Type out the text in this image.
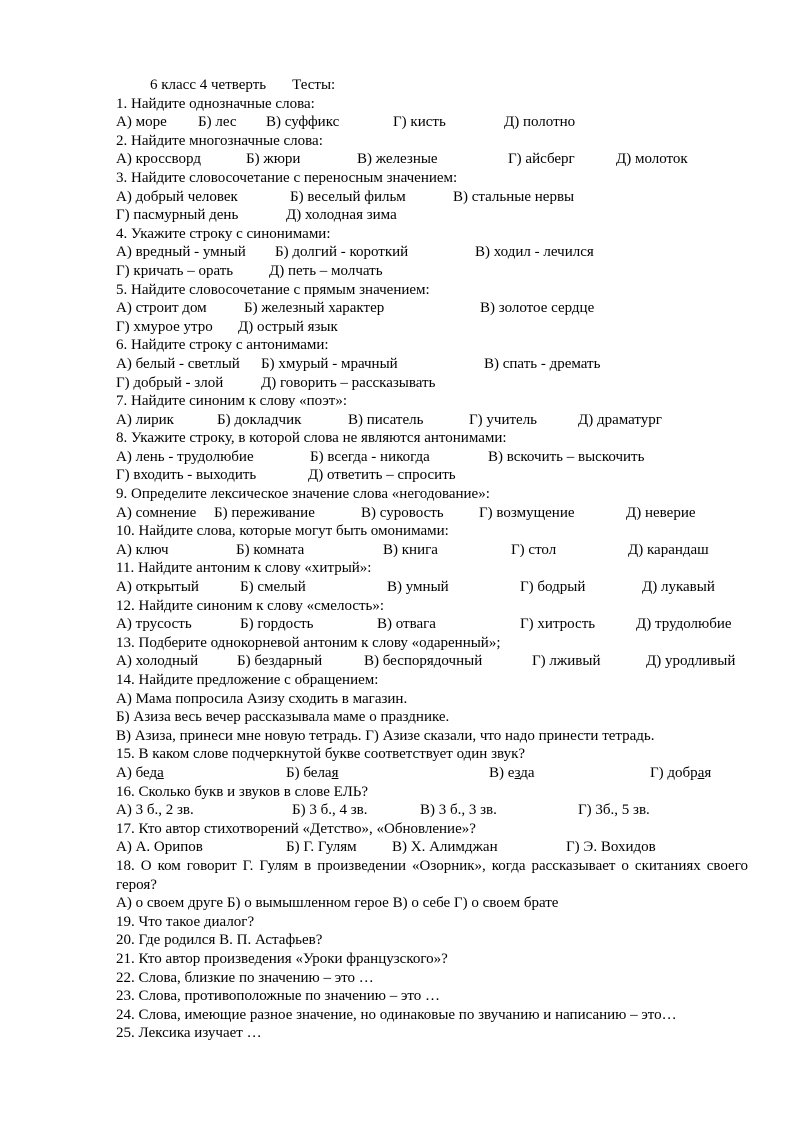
6 класс 4 четверть Тесты:
1. Найдите однозначные слова:
А) море Б) лес В) суффикс	Г) кисть	Д) полотно
2. Найдите многозначные слова:
А) кроссворд	Б) жюри	В) железные	Г) айсберг	Д) молоток
3. Найдите словосочетание с переносным значением:
А) добрый человек	Б) веселый фильм	В) стальные нервы
Г) пасмурный день	Д) холодная зима
4. Укажите строку с синонимами:
А) вредный - умный Б) долгий - короткий	В) ходил - лечился
Г) кричать – орать Д) петь – молчать
5. Найдите словосочетание с прямым значением:
А) строит дом Б) железный характер	В) золотое сердце
Г) хмурое утро Д) острый язык
6. Найдите строку с антонимами:
А) белый - светлый Б) хмурый - мрачный	В) спать - дремать
Г) добрый - злой	Д) говорить – рассказывать
7. Найдите синоним к слову «поэт»:
А) лирик	Б) докладчик	В) писатель	Г) учитель	Д) драматург
8. Укажите строку, в которой слова не являются антонимами:
А) лень - трудолюбие	Б) всегда - никогда	В) вскочить – выскочить
Г) входить - выходить	Д) ответить – спросить
9. Определите лексическое значение слова «негодование»:
А) сомнение Б) переживание	В) суровость Г) возмущение	Д) неверие
10. Найдите слова, которые могут быть омонимами:
А) ключ	Б) комната	В) книга	Г) стол	Д) карандаш
11. Найдите антоним к слову «хитрый»:
А) открытый	Б) смелый	В) умный	Г) бодрый	Д) лукавый
12. Найдите синоним к слову «смелость»:
А) трусость	Б) гордость	В) отвага	Г) хитрость	Д) трудолюбие
13. Подберите однокорневой антоним к слову «одаренный»;
А) холодный	Б) бездарный	В) беспорядочный	Г) лживый	Д) уродливый
14. Найдите предложение с обращением:
А) Мама попросила Азизу сходить в магазин.
Б) Азиза весь вечер рассказывала маме о празднике.
В) Азиза, принеси мне новую тетрадь. Г) Азизе сказали, что надо принести тетрадь.
15. В каком слове подчеркнутой букве соответствует один звук?
А) беда	Б) белая	В) езда	Г) добрая
16. Сколько букв и звуков в слове ЕЛЬ?
А) 3 б., 2 зв.	Б) 3 б., 4 зв.	В) 3 б., 3 зв.	Г) 3б., 5 зв.
17. Кто автор стихотворений «Детство», «Обновление»?
А) А. Орипов	Б) Г. Гулям В) Х. Алимджан	Г) Э. Вохидов
18. О ком говорит Г. Гулям в произведении «Озорник», когда рассказывает о скитаниях своего героя?
А) о своем друге Б) о вымышленном герое В) о себе Г) о своем брате
19. Что такое диалог?
20. Где родился В. П. Астафьев?
21. Кто автор произведения «Уроки французского»?
22. Слова, близкие по значению – это …
23. Слова, противоположные по значению – это …
24. Слова, имеющие разное значение, но одинаковые по звучанию и написанию – это…
25. Лексика изучает …
